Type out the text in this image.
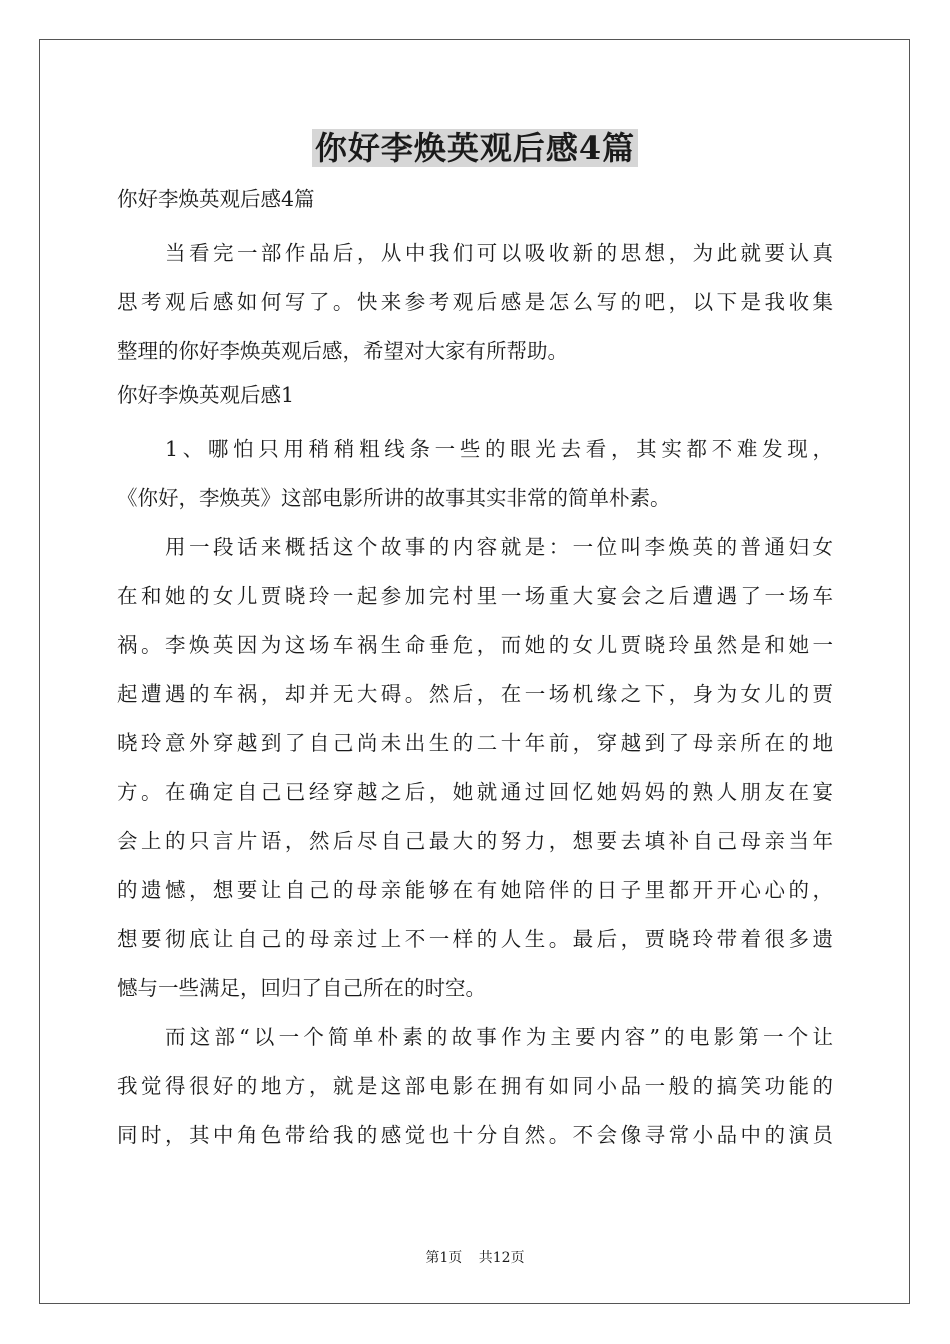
你好李焕英观后感4篇
你好李焕英观后感4篇
当看完一部作品后，从中我们可以吸收新的思想，为此就要认真
思考观后感如何写了。快来参考观后感是怎么写的吧，以下是我收集
整理的你好李焕英观后感，希望对大家有所帮助。
你好李焕英观后感1
1、哪怕只用稍稍粗线条一些的眼光去看，其实都不难发现，
《你好，李焕英》这部电影所讲的故事其实非常的简单朴素。
用一段话来概括这个故事的内容就是：一位叫李焕英的普通妇女
在和她的女儿贾晓玲一起参加完村里一场重大宴会之后遭遇了一场车
祸。李焕英因为这场车祸生命垂危，而她的女儿贾晓玲虽然是和她一
起遭遇的车祸，却并无大碍。然后，在一场机缘之下，身为女儿的贾
晓玲意外穿越到了自己尚未出生的二十年前，穿越到了母亲所在的地
方。在确定自己已经穿越之后，她就通过回忆她妈妈的熟人朋友在宴
会上的只言片语，然后尽自己最大的努力，想要去填补自己母亲当年
的遗憾，想要让自己的母亲能够在有她陪伴的日子里都开开心心的，
想要彻底让自己的母亲过上不一样的人生。最后，贾晓玲带着很多遗
憾与一些满足，回归了自己所在的时空。
而这部“以一个简单朴素的故事作为主要内容”的电影第一个让
我觉得很好的地方，就是这部电影在拥有如同小品一般的搞笑功能的
同时，其中角色带给我的感觉也十分自然。不会像寻常小品中的演员
第1页 共12页
